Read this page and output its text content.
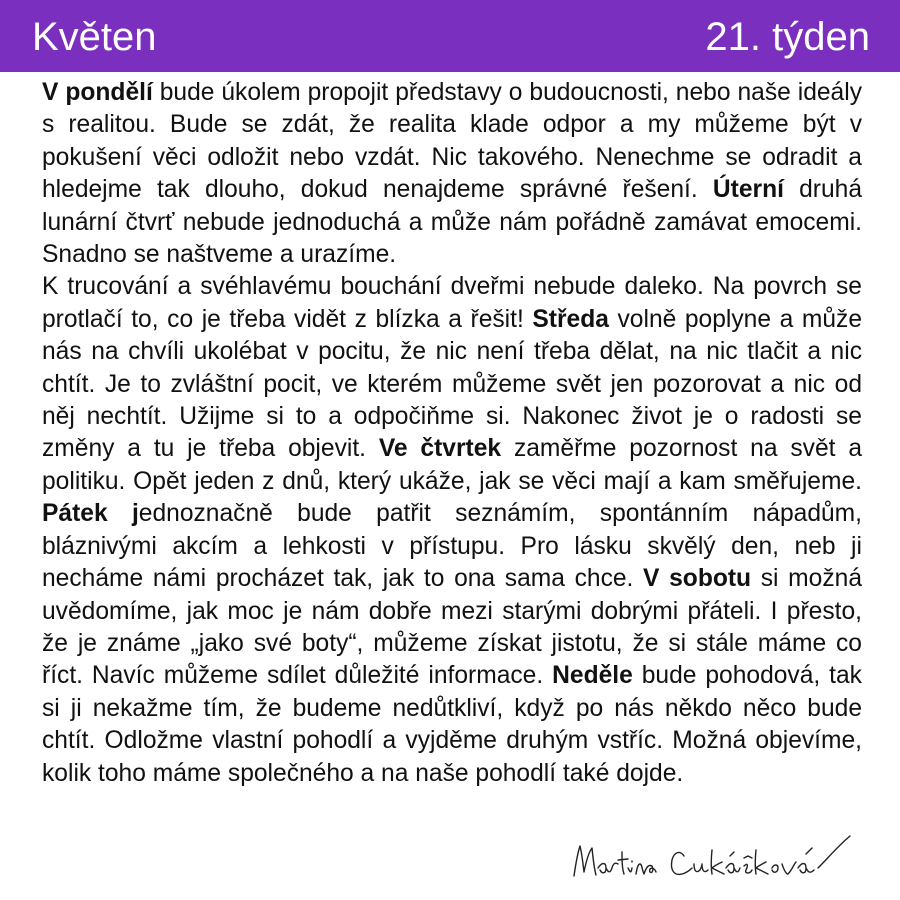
Květen	21. týden

V pondělí bude úkolem propojit představy o budoucnosti, nebo naše ideály s realitou. Bude se zdát, že realita klade odpor a my můžeme být v pokušení věci odložit nebo vzdát. Nic takového. Nenechme se odradit a hledejme tak dlouho, dokud nenajdeme správné řešení. Úterní druhá lunární čtvrť nebude jednoduchá a může nám pořádně zamávat emocemi. Snadno se naštveme a urazíme.

K trucování a svéhlavému bouchání dveřmi nebude daleko. Na povrch se protlačí to, co je třeba vidět z blízka a řešit! Středa volně poplyne a může nás na chvíli ukolébat v pocitu, že nic není třeba dělat, na nic tlačit a nic chtít. Je to zvláštní pocit, ve kterém můžeme svět jen pozorovat a nic od něj nechtít. Užijme si to a odpočiňme si. Nakonec život je o radosti se změny a tu je třeba objevit. Ve čtvrtek zaměřme pozornost na svět a politiku. Opět jeden z dnů, který ukáže, jak se věci mají a kam směřujeme. Pátek jednoznačně bude patřit seznámím, spontánním nápadům, bláznivými akcím a lehkosti v přístupu. Pro lásku skvělý den, neb ji necháme námi procházet tak, jak to ona sama chce. V sobotu si možná uvědomíme, jak moc je nám dobře mezi starými dobrými přáteli. I přesto, že je známe „jako své boty“, můžeme získat jistotu, že si stále máme co říct. Navíc můžeme sdílet důležité informace. Neděle bude pohodová, tak si ji nekažme tím, že budeme nedůtkliví, když po nás někdo něco bude chtít. Odložme vlastní pohodlí a vyjděme druhým vstříc. Možná objevíme, kolik toho máme společného a na naše pohodlí také dojde.
